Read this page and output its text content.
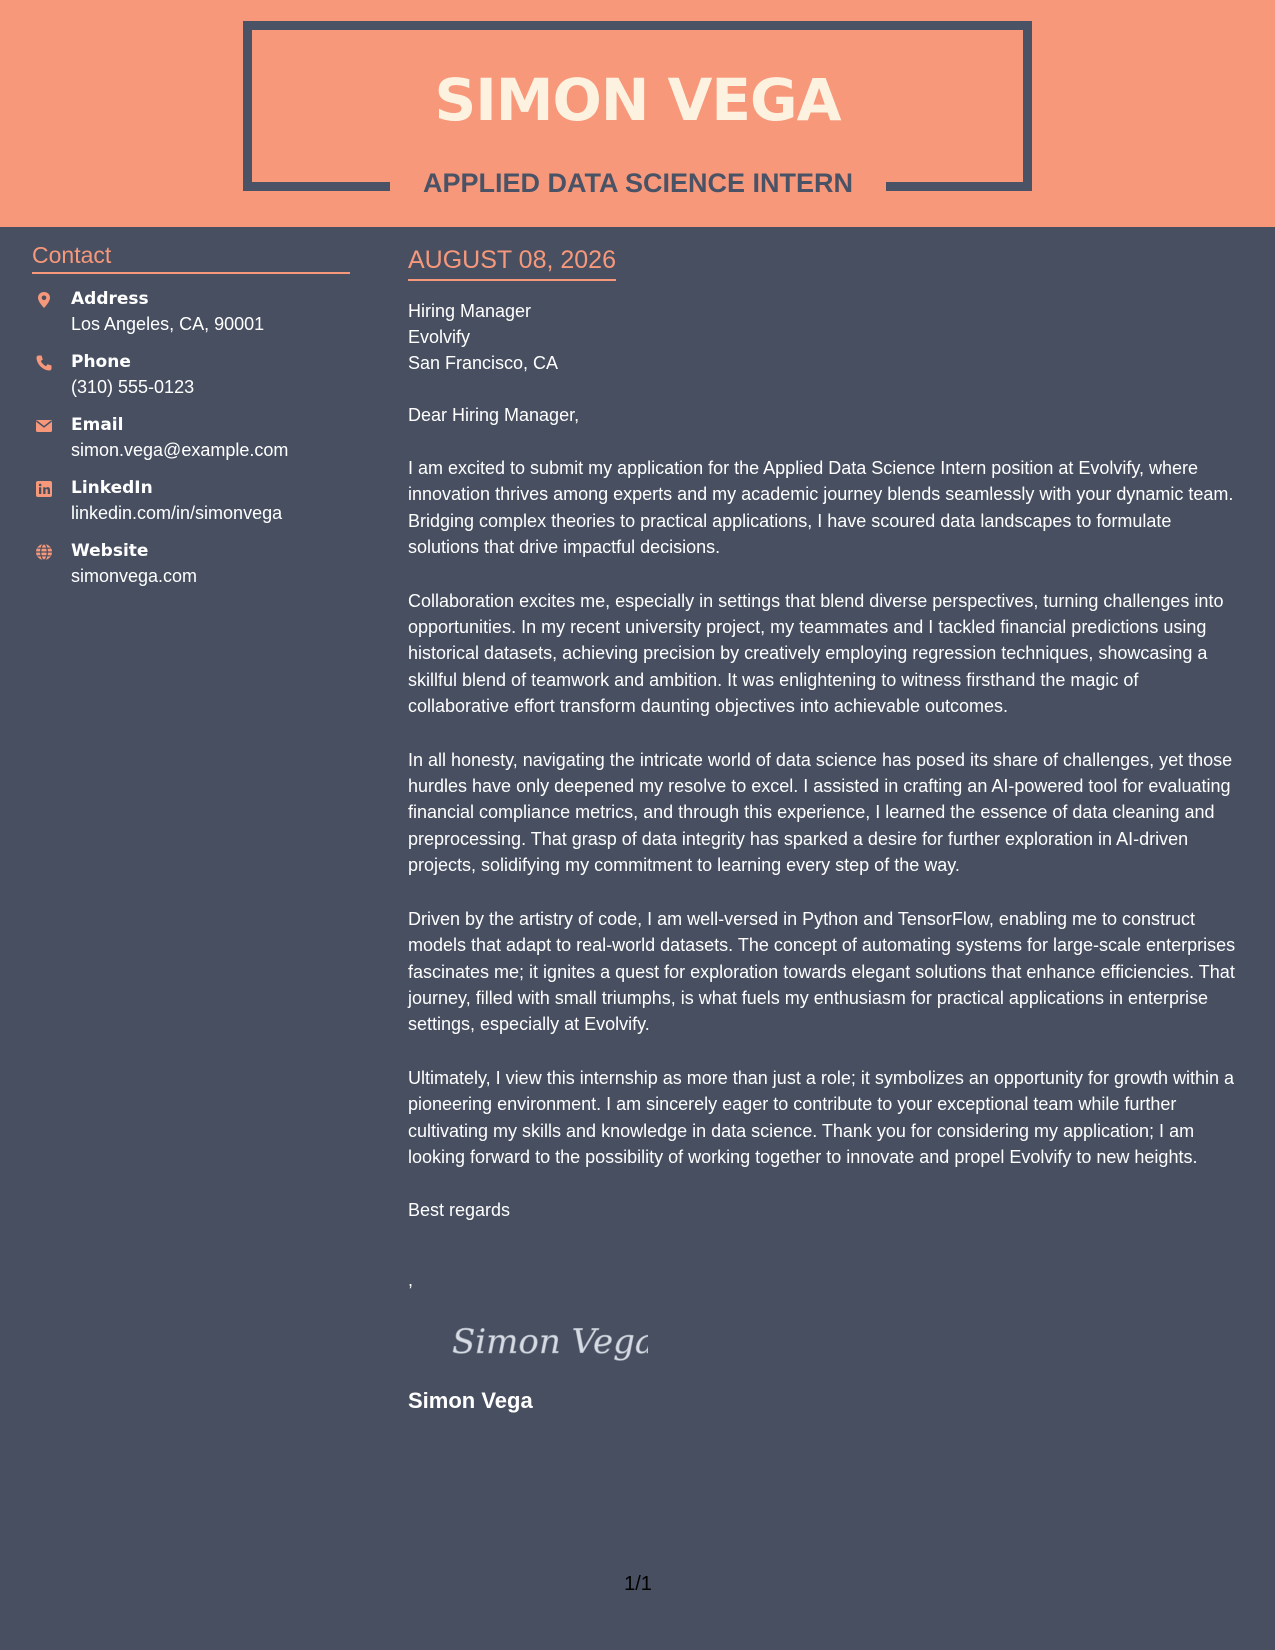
SIMON VEGA
APPLIED DATA SCIENCE INTERN
Contact
Address
Los Angeles, CA, 90001
Phone
(310) 555-0123
Email
simon.vega@example.com
LinkedIn
linkedin.com/in/simonvega
Website
simonvega.com
AUGUST 08, 2026
Hiring Manager
Evolvify
San Francisco, CA
Dear Hiring Manager,

I am excited to submit my application for the Applied Data Science Intern position at Evolvify, where innovation thrives among experts and my academic journey blends seamlessly with your dynamic team. Bridging complex theories to practical applications, I have scoured data landscapes to formulate solutions that drive impactful decisions.

Collaboration excites me, especially in settings that blend diverse perspectives, turning challenges into opportunities. In my recent university project, my teammates and I tackled financial predictions using historical datasets, achieving precision by creatively employing regression techniques, showcasing a skillful blend of teamwork and ambition. It was enlightening to witness firsthand the magic of collaborative effort transform daunting objectives into achievable outcomes.

In all honesty, navigating the intricate world of data science has posed its share of challenges, yet those hurdles have only deepened my resolve to excel. I assisted in crafting an AI-powered tool for evaluating financial compliance metrics, and through this experience, I learned the essence of data cleaning and preprocessing. That grasp of data integrity has sparked a desire for further exploration in AI-driven projects, solidifying my commitment to learning every step of the way.

Driven by the artistry of code, I am well-versed in Python and TensorFlow, enabling me to construct models that adapt to real-world datasets. The concept of automating systems for large-scale enterprises fascinates me; it ignites a quest for exploration towards elegant solutions that enhance efficiencies. That journey, filled with small triumphs, is what fuels my enthusiasm for practical applications in enterprise settings, especially at Evolvify.

Ultimately, I view this internship as more than just a role; it symbolizes an opportunity for growth within a pioneering environment. I am sincerely eager to contribute to your exceptional team while further cultivating my skills and knowledge in data science. Thank you for considering my application; I am looking forward to the possibility of working together to innovate and propel Evolvify to new heights.

Best regards
,
Simon Vega
Simon Vega
1/1
